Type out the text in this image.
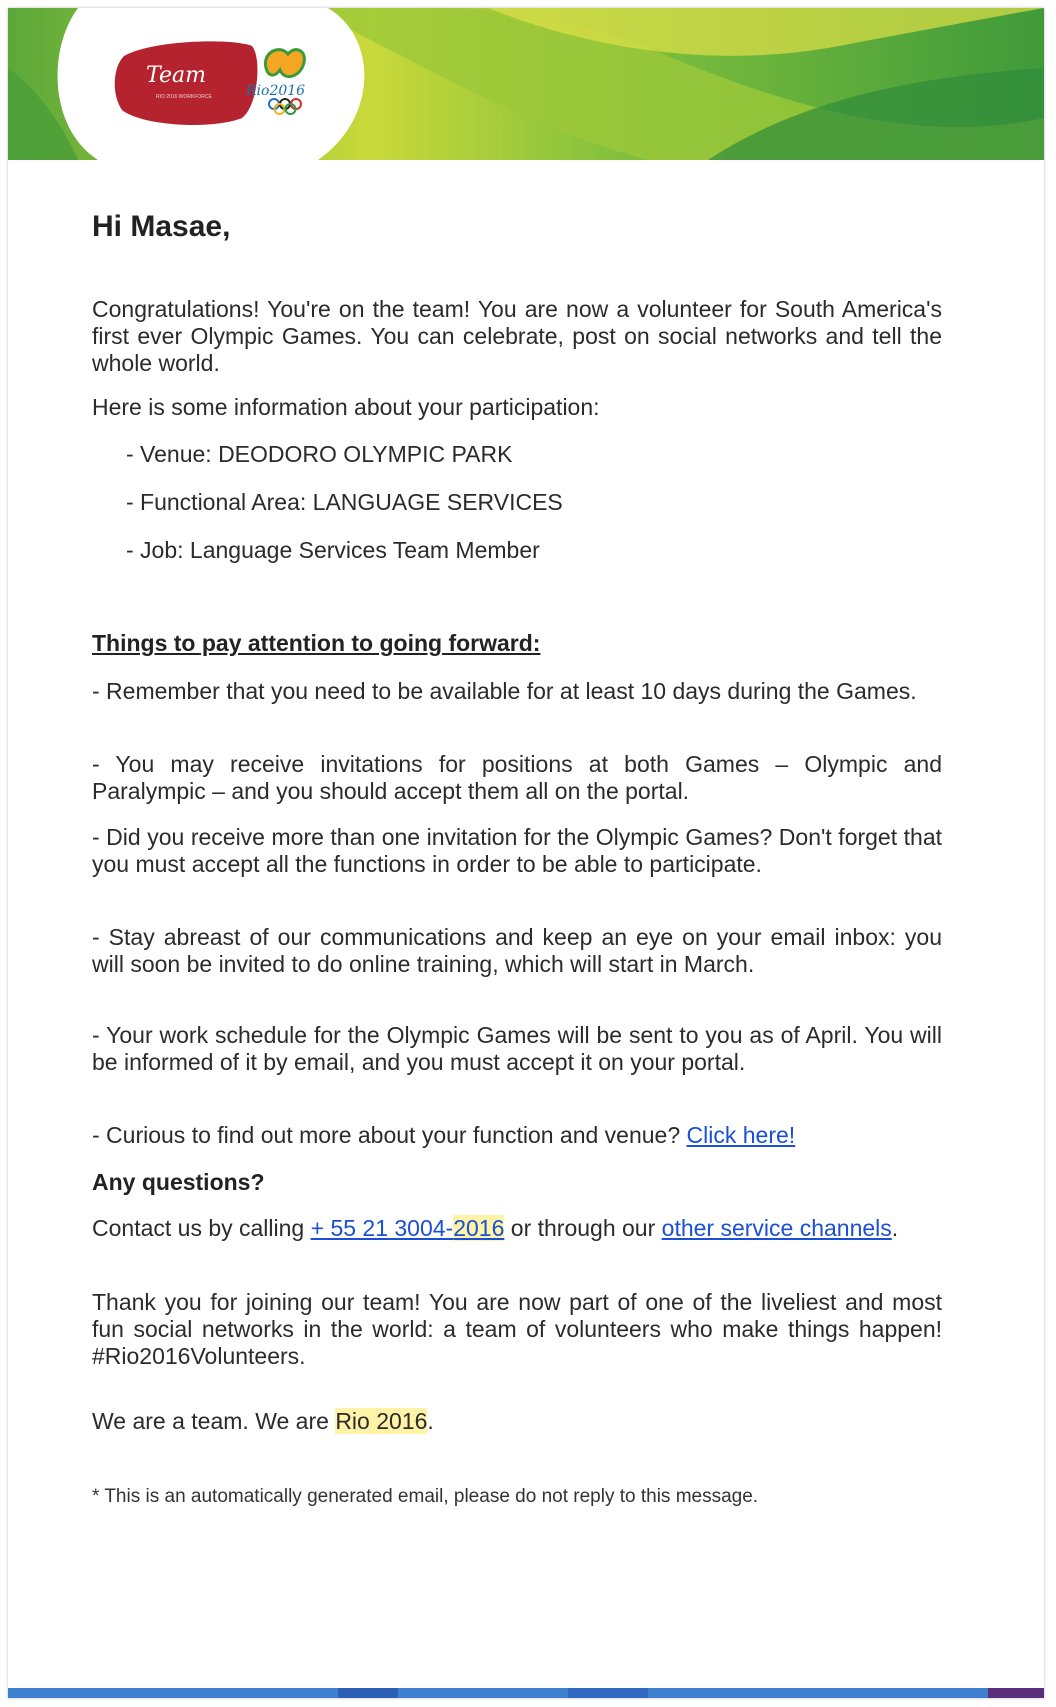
Team
RIO 2016 WORKFORCE Rio2016
Hi Masae,

Congratulations! You're on the team! You are now a volunteer for South America's first ever Olympic Games. You can celebrate, post on social networks and tell the whole world.

Here is some information about your participation:

- Venue: DEODORO OLYMPIC PARK

- Functional Area: LANGUAGE SERVICES

- Job: Language Services Team Member

Things to pay attention to going forward:

- Remember that you need to be available for at least 10 days during the Games.

- You may receive invitations for positions at both Games – Olympic and Paralympic – and you should accept them all on the portal.

- Did you receive more than one invitation for the Olympic Games? Don't forget that you must accept all the functions in order to be able to participate.

- Stay abreast of our communications and keep an eye on your email inbox: you will soon be invited to do online training, which will start in March.

- Your work schedule for the Olympic Games will be sent to you as of April. You will be informed of it by email, and you must accept it on your portal.

- Curious to find out more about your function and venue? Click here!

Any questions?

Contact us by calling + 55 21 3004-2016 or through our other service channels.

Thank you for joining our team! You are now part of one of the liveliest and most fun social networks in the world: a team of volunteers who make things happen! #Rio2016Volunteers.

We are a team. We are Rio 2016.

* This is an automatically generated email, please do not reply to this message.
